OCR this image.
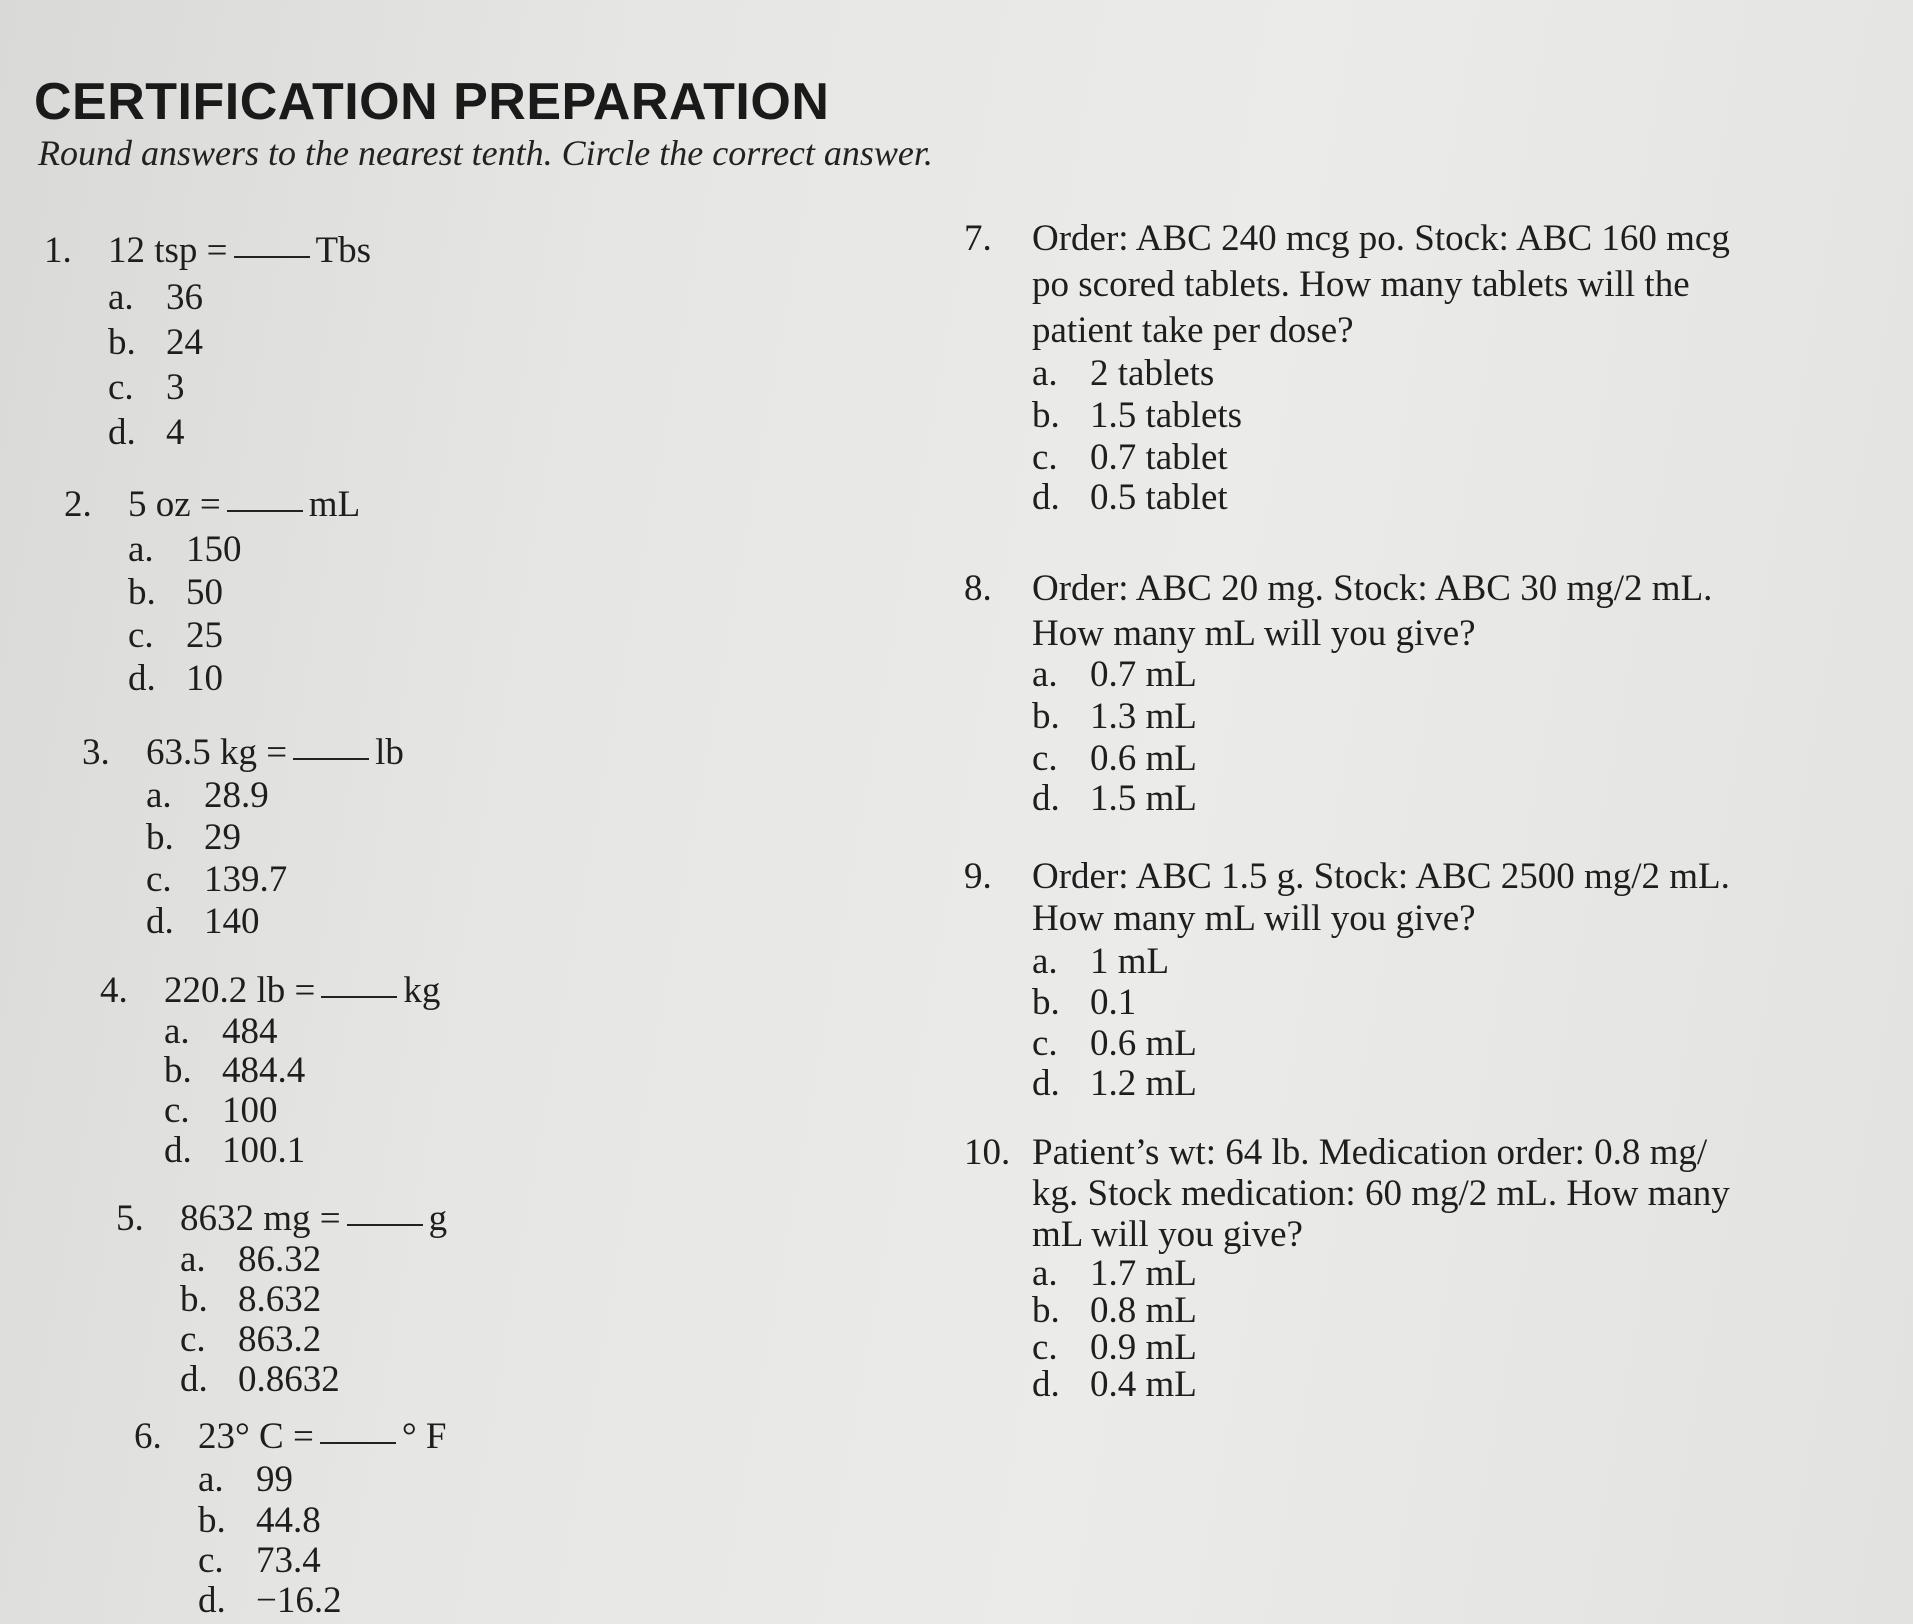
CERTIFICATION PREPARATION
Round answers to the nearest tenth. Circle the correct answer.
1. 12 tsp = Tbs
a. 36
b. 24
c. 3
d. 4
2. 5 oz = mL
a. 150
b. 50
c. 25
d. 10
3. 63.5 kg = lb
a. 28.9
b. 29
c. 139.7
d. 140
4. 220.2 lb = kg
a. 484
b. 484.4
c. 100
d. 100.1
5. 8632 mg = g
a. 86.32
b. 8.632
c. 863.2
d. 0.8632
6. 23° C = ° F
a. 99
b. 44.8
c. 73.4
d. −16.2
7. Order: ABC 240 mcg po. Stock: ABC 160 mcg
po scored tablets. How many tablets will the
patient take per dose?
a. 2 tablets
b. 1.5 tablets
c. 0.7 tablet
d. 0.5 tablet
8. Order: ABC 20 mg. Stock: ABC 30 mg/2 mL.
How many mL will you give?
a. 0.7 mL
b. 1.3 mL
c. 0.6 mL
d. 1.5 mL
9. Order: ABC 1.5 g. Stock: ABC 2500 mg/2 mL.
How many mL will you give?
a. 1 mL
b. 0.1
c. 0.6 mL
d. 1.2 mL
10. Patient’s wt: 64 lb. Medication order: 0.8 mg/
kg. Stock medication: 60 mg/2 mL. How many
mL will you give?
a. 1.7 mL
b. 0.8 mL
c. 0.9 mL
d. 0.4 mL
